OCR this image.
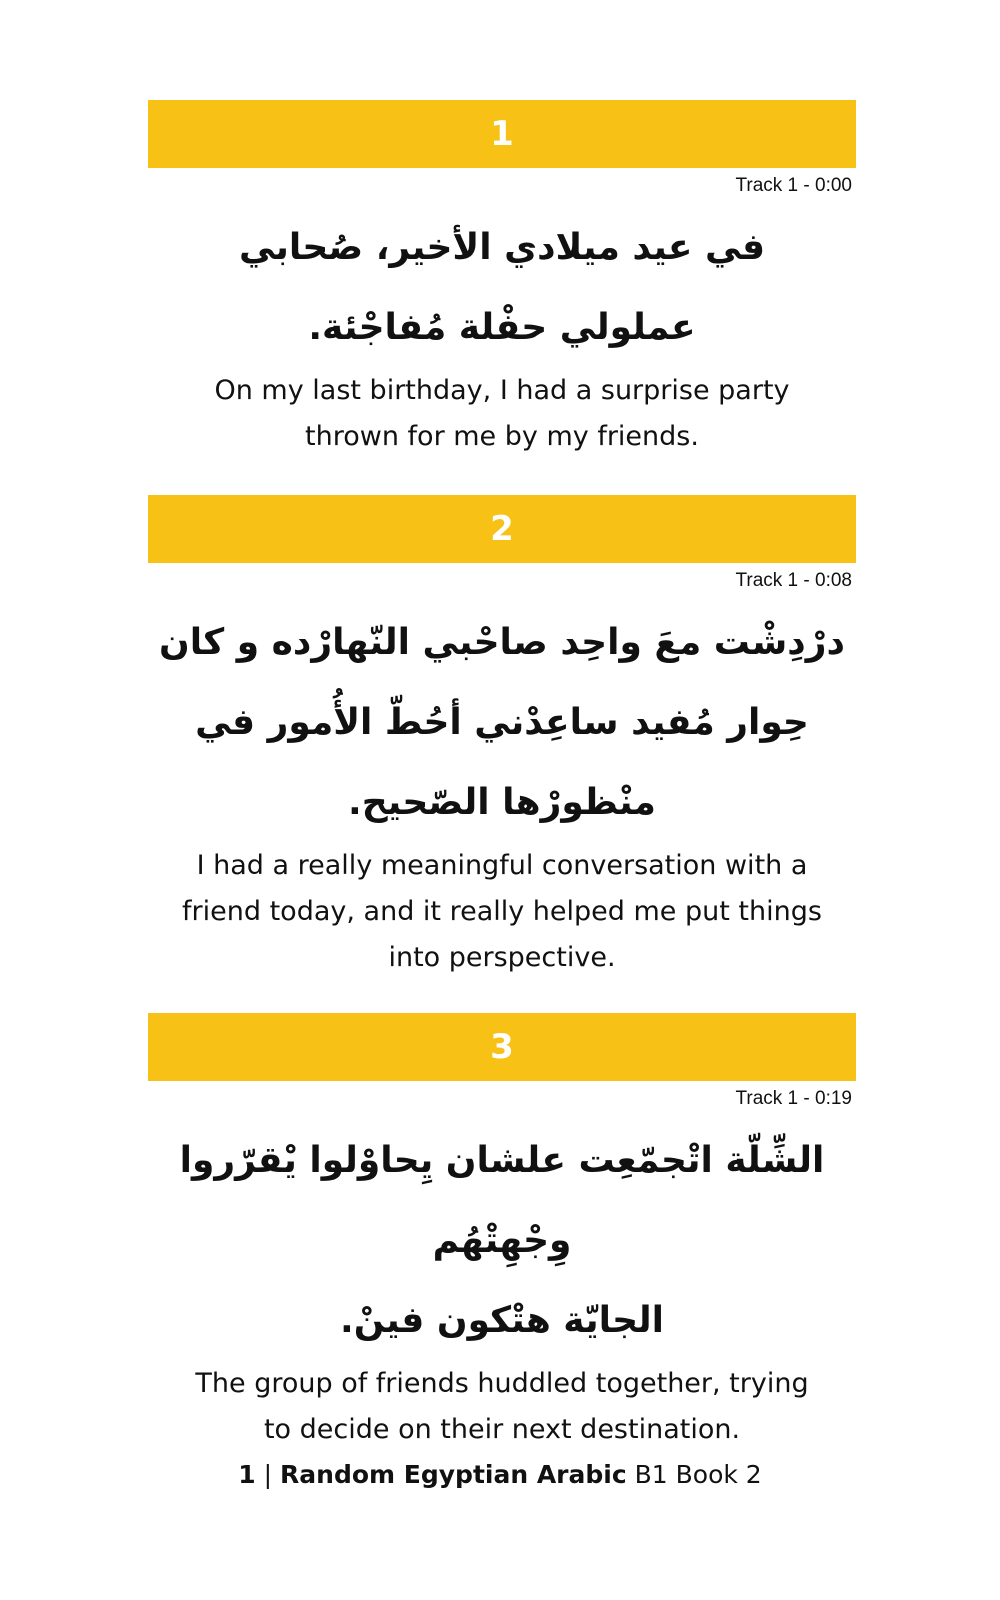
1
Track 1 - 0:00
في عيد ميلادي الأخير، صُحابي
عملولي حفْلة مُفاجْئة.
On my last birthday, I had a surprise party
thrown for me by my friends.
2
Track 1 - 0:08
درْدِشْت معَ واحِد صاحْبي النّهارْده و كان
حِوار مُفيد ساعِدْني أحُطّ الأُمور في
منْظورْها الصّحيح.
I had a really meaningful conversation with a
friend today, and it really helped me put things
into perspective.
3
Track 1 - 0:19
الشِّلّة اتْجمّعِت علشان يِحاوْلوا يْقرّروا وِجْهِتْهُم
الجايّة هتْكون فينْ.
The group of friends huddled together, trying
to decide on their next destination.
1 | Random Egyptian Arabic B1 Book 2
